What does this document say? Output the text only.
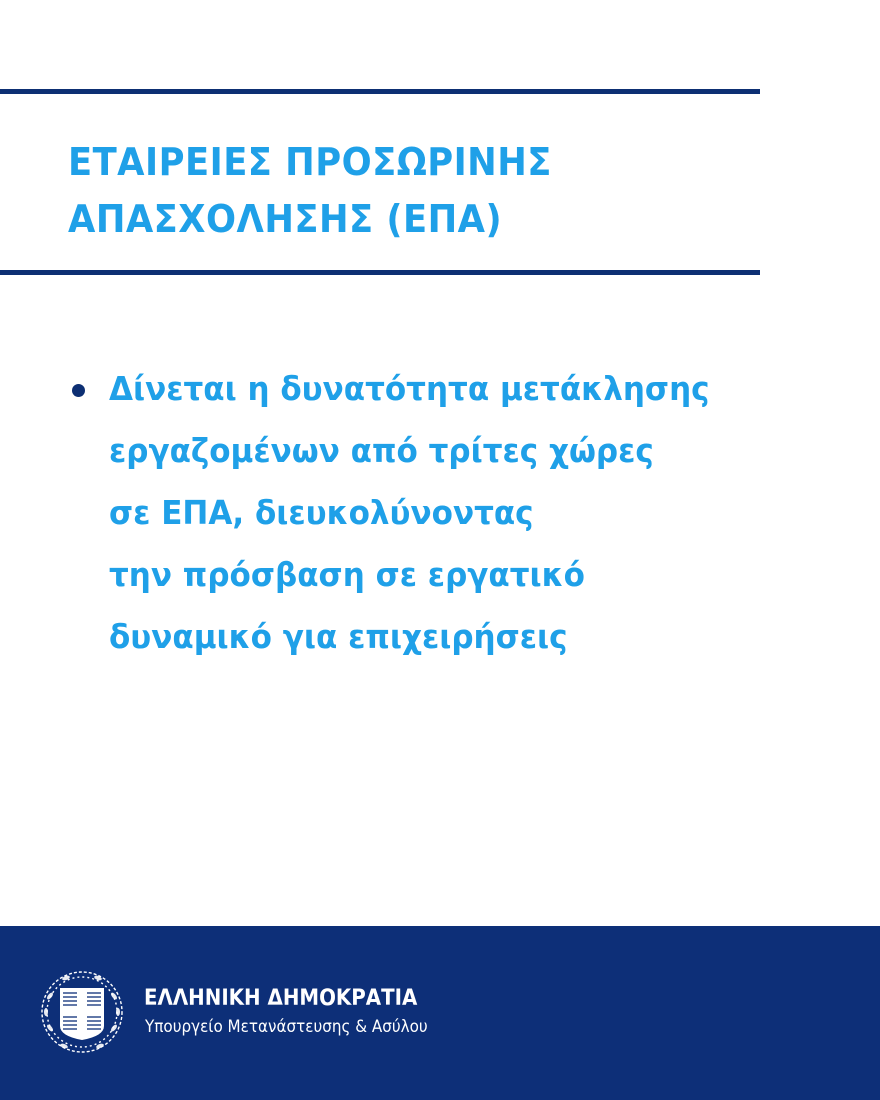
ΕΤΑΙΡΕΙΕΣ ΠΡΟΣΩΡΙΝΗΣ
ΑΠΑΣΧΟΛΗΣΗΣ (ΕΠΑ)
Δίνεται η δυνατότητα μετάκλησης
εργαζομένων από τρίτες χώρες
σε ΕΠΑ, διευκολύνοντας
την πρόσβαση σε εργατικό
δυναμικό για επιχειρήσεις
ΕΛΛΗΝΙΚΗ ΔΗΜΟΚΡΑΤΙΑ
Υπουργείο Μετανάστευσης & Ασύλου
